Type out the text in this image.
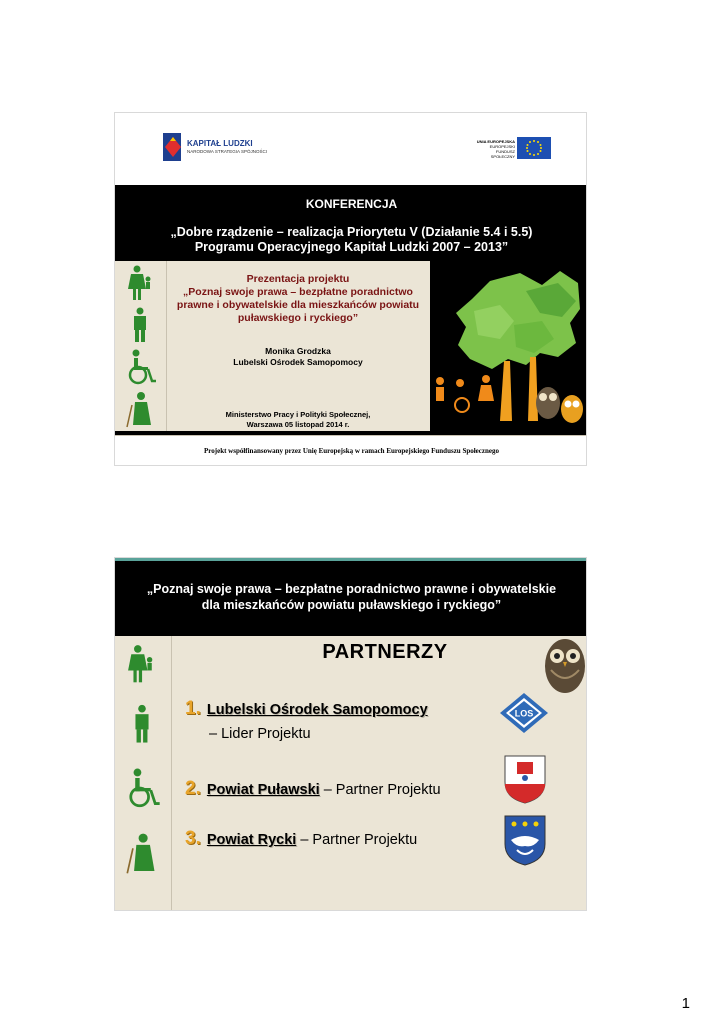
KAPITAŁ LUDZKI
NARODOWA STRATEGIA SPÓJNOŚCI
UNIA EUROPEJSKA
EUROPEJSKI
FUNDUSZ SPOŁECZNY
KONFERENCJA
„Dobre rządzenie – realizacja Priorytetu V (Działanie 5.4 i 5.5)
Programu Operacyjnego Kapitał Ludzki 2007 – 2013”
Prezentacja projektu
„Poznaj swoje prawa – bezpłatne poradnictwo
prawne i obywatelskie dla mieszkańców powiatu
puławskiego i ryckiego”
Monika Grodzka
Lubelski Ośrodek Samopomocy
Ministerstwo Pracy i Polityki Społecznej,
Warszawa 05 listopad 2014 r.
Projekt współfinansowany przez Unię Europejską w ramach Europejskiego Funduszu Społecznego
„Poznaj swoje prawa – bezpłatne poradnictwo prawne i obywatelskie
dla mieszkańców powiatu puławskiego i ryckiego”
PARTNERZY
1. Lubelski Ośrodek Samopomocy
– Lider Projektu
LOS
2. Powiat Puławski – Partner Projektu
3. Powiat Rycki – Partner Projektu
1
